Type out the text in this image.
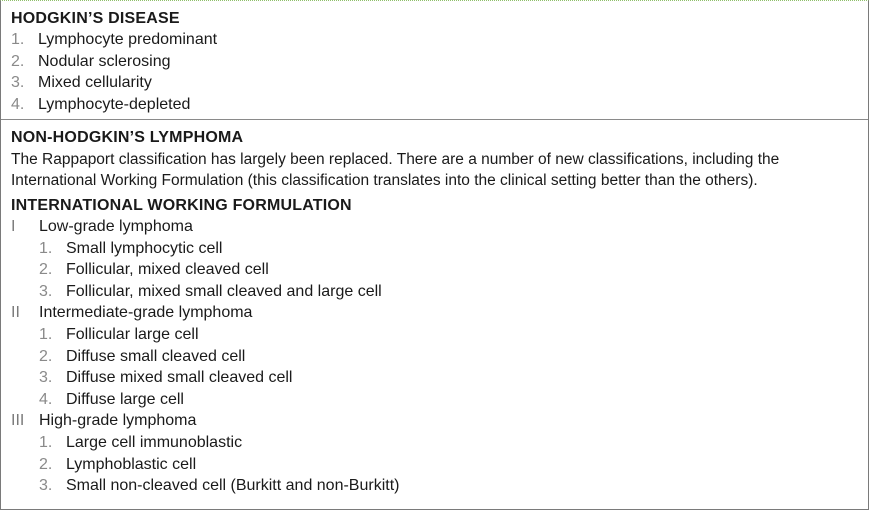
HODGKIN’S DISEASE
1. Lymphocyte predominant
2. Nodular sclerosing
3. Mixed cellularity
4. Lymphocyte-depleted
NON-HODGKIN’S LYMPHOMA
The Rappaport classification has largely been replaced. There are a number of new classifications, including the
International Working Formulation (this classification translates into the clinical setting better than the others).
INTERNATIONAL WORKING FORMULATION
I Low-grade lymphoma
1. Small lymphocytic cell
2. Follicular, mixed cleaved cell
3. Follicular, mixed small cleaved and large cell
II Intermediate-grade lymphoma
1. Follicular large cell
2. Diffuse small cleaved cell
3. Diffuse mixed small cleaved cell
4. Diffuse large cell
III High-grade lymphoma
1. Large cell immunoblastic
2. Lymphoblastic cell
3. Small non-cleaved cell (Burkitt and non-Burkitt)
